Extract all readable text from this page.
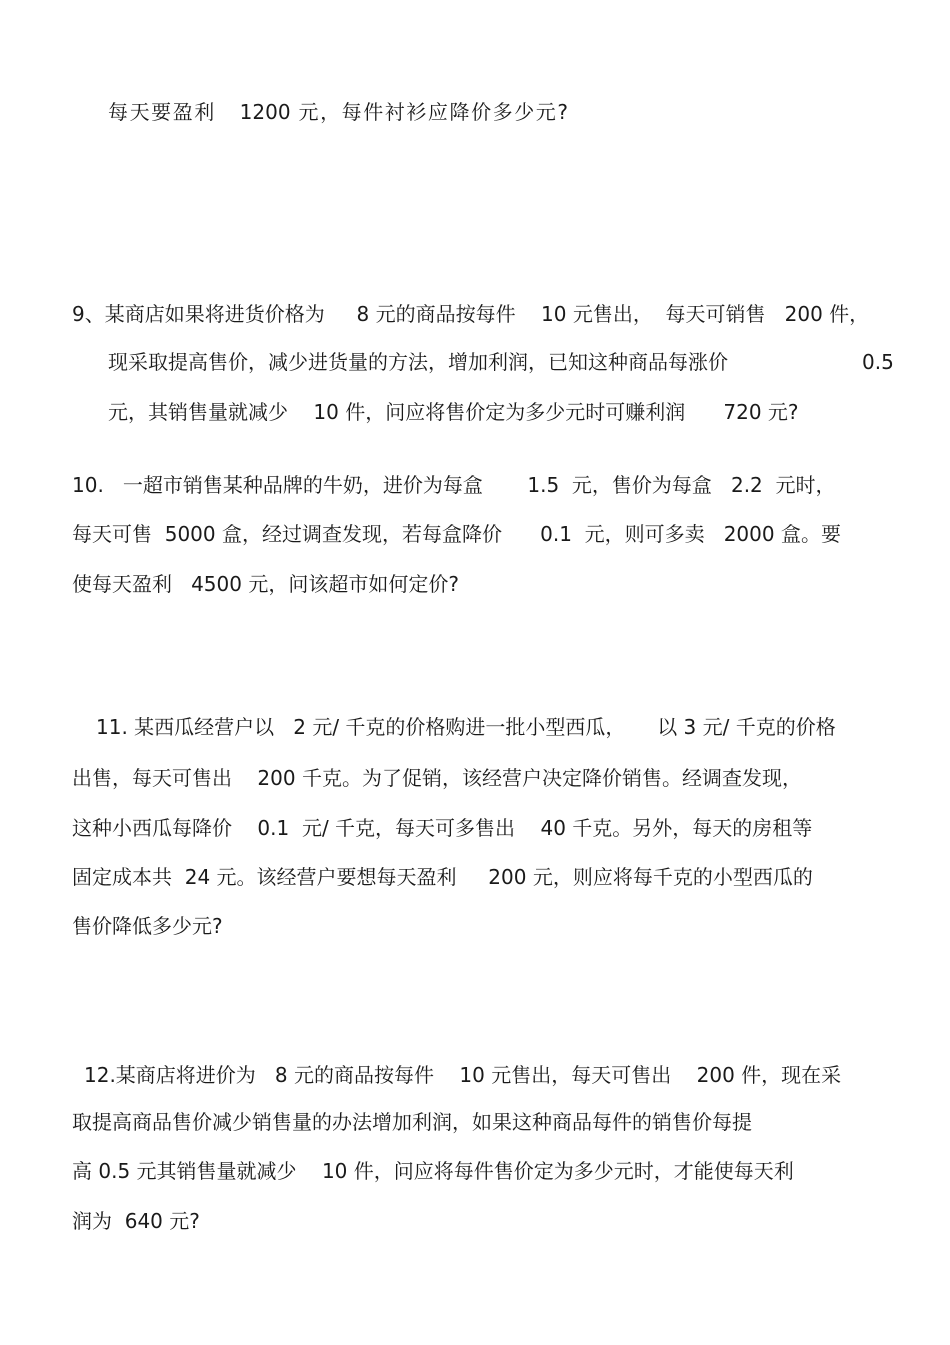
每天要盈利   1200 元，每件衬衫应降价多少元?
9、某商店如果将进货价格为     8 元的商品按每件    10 元售出，  每天可销售   200 件，
现采取提高售价，减少进货量的方法，增加利润，已知这种商品每涨价	0.5
元，其销售量就减少    10 件，问应将售价定为多少元时可赚利润      720 元?
10.   一超市销售某种品牌的牛奶，进价为每盒       1.5  元，售价为每盒   2.2  元时，
每天可售  5000 盒，经过调查发现，若每盒降价      0.1  元，则可多卖   2000 盒。要
使每天盈利   4500 元，问该超市如何定价?
11. 某西瓜经营户以   2 元/ 千克的价格购进一批小型西瓜，     以 3 元/ 千克的价格
出售，每天可售出    200 千克。为了促销，该经营户决定降价销售。经调查发现，
这种小西瓜每降价    0.1  元/ 千克，每天可多售出    40 千克。另外，每天的房租等
固定成本共  24 元。该经营户要想每天盈利     200 元，则应将每千克的小型西瓜的
售价降低多少元?
12.某商店将进价为   8 元的商品按每件    10 元售出，每天可售出    200 件，现在采
取提高商品售价减少销售量的办法增加利润，如果这种商品每件的销售价每提
高 0.5 元其销售量就减少    10 件，问应将每件售价定为多少元时，才能使每天利
润为  640 元?
